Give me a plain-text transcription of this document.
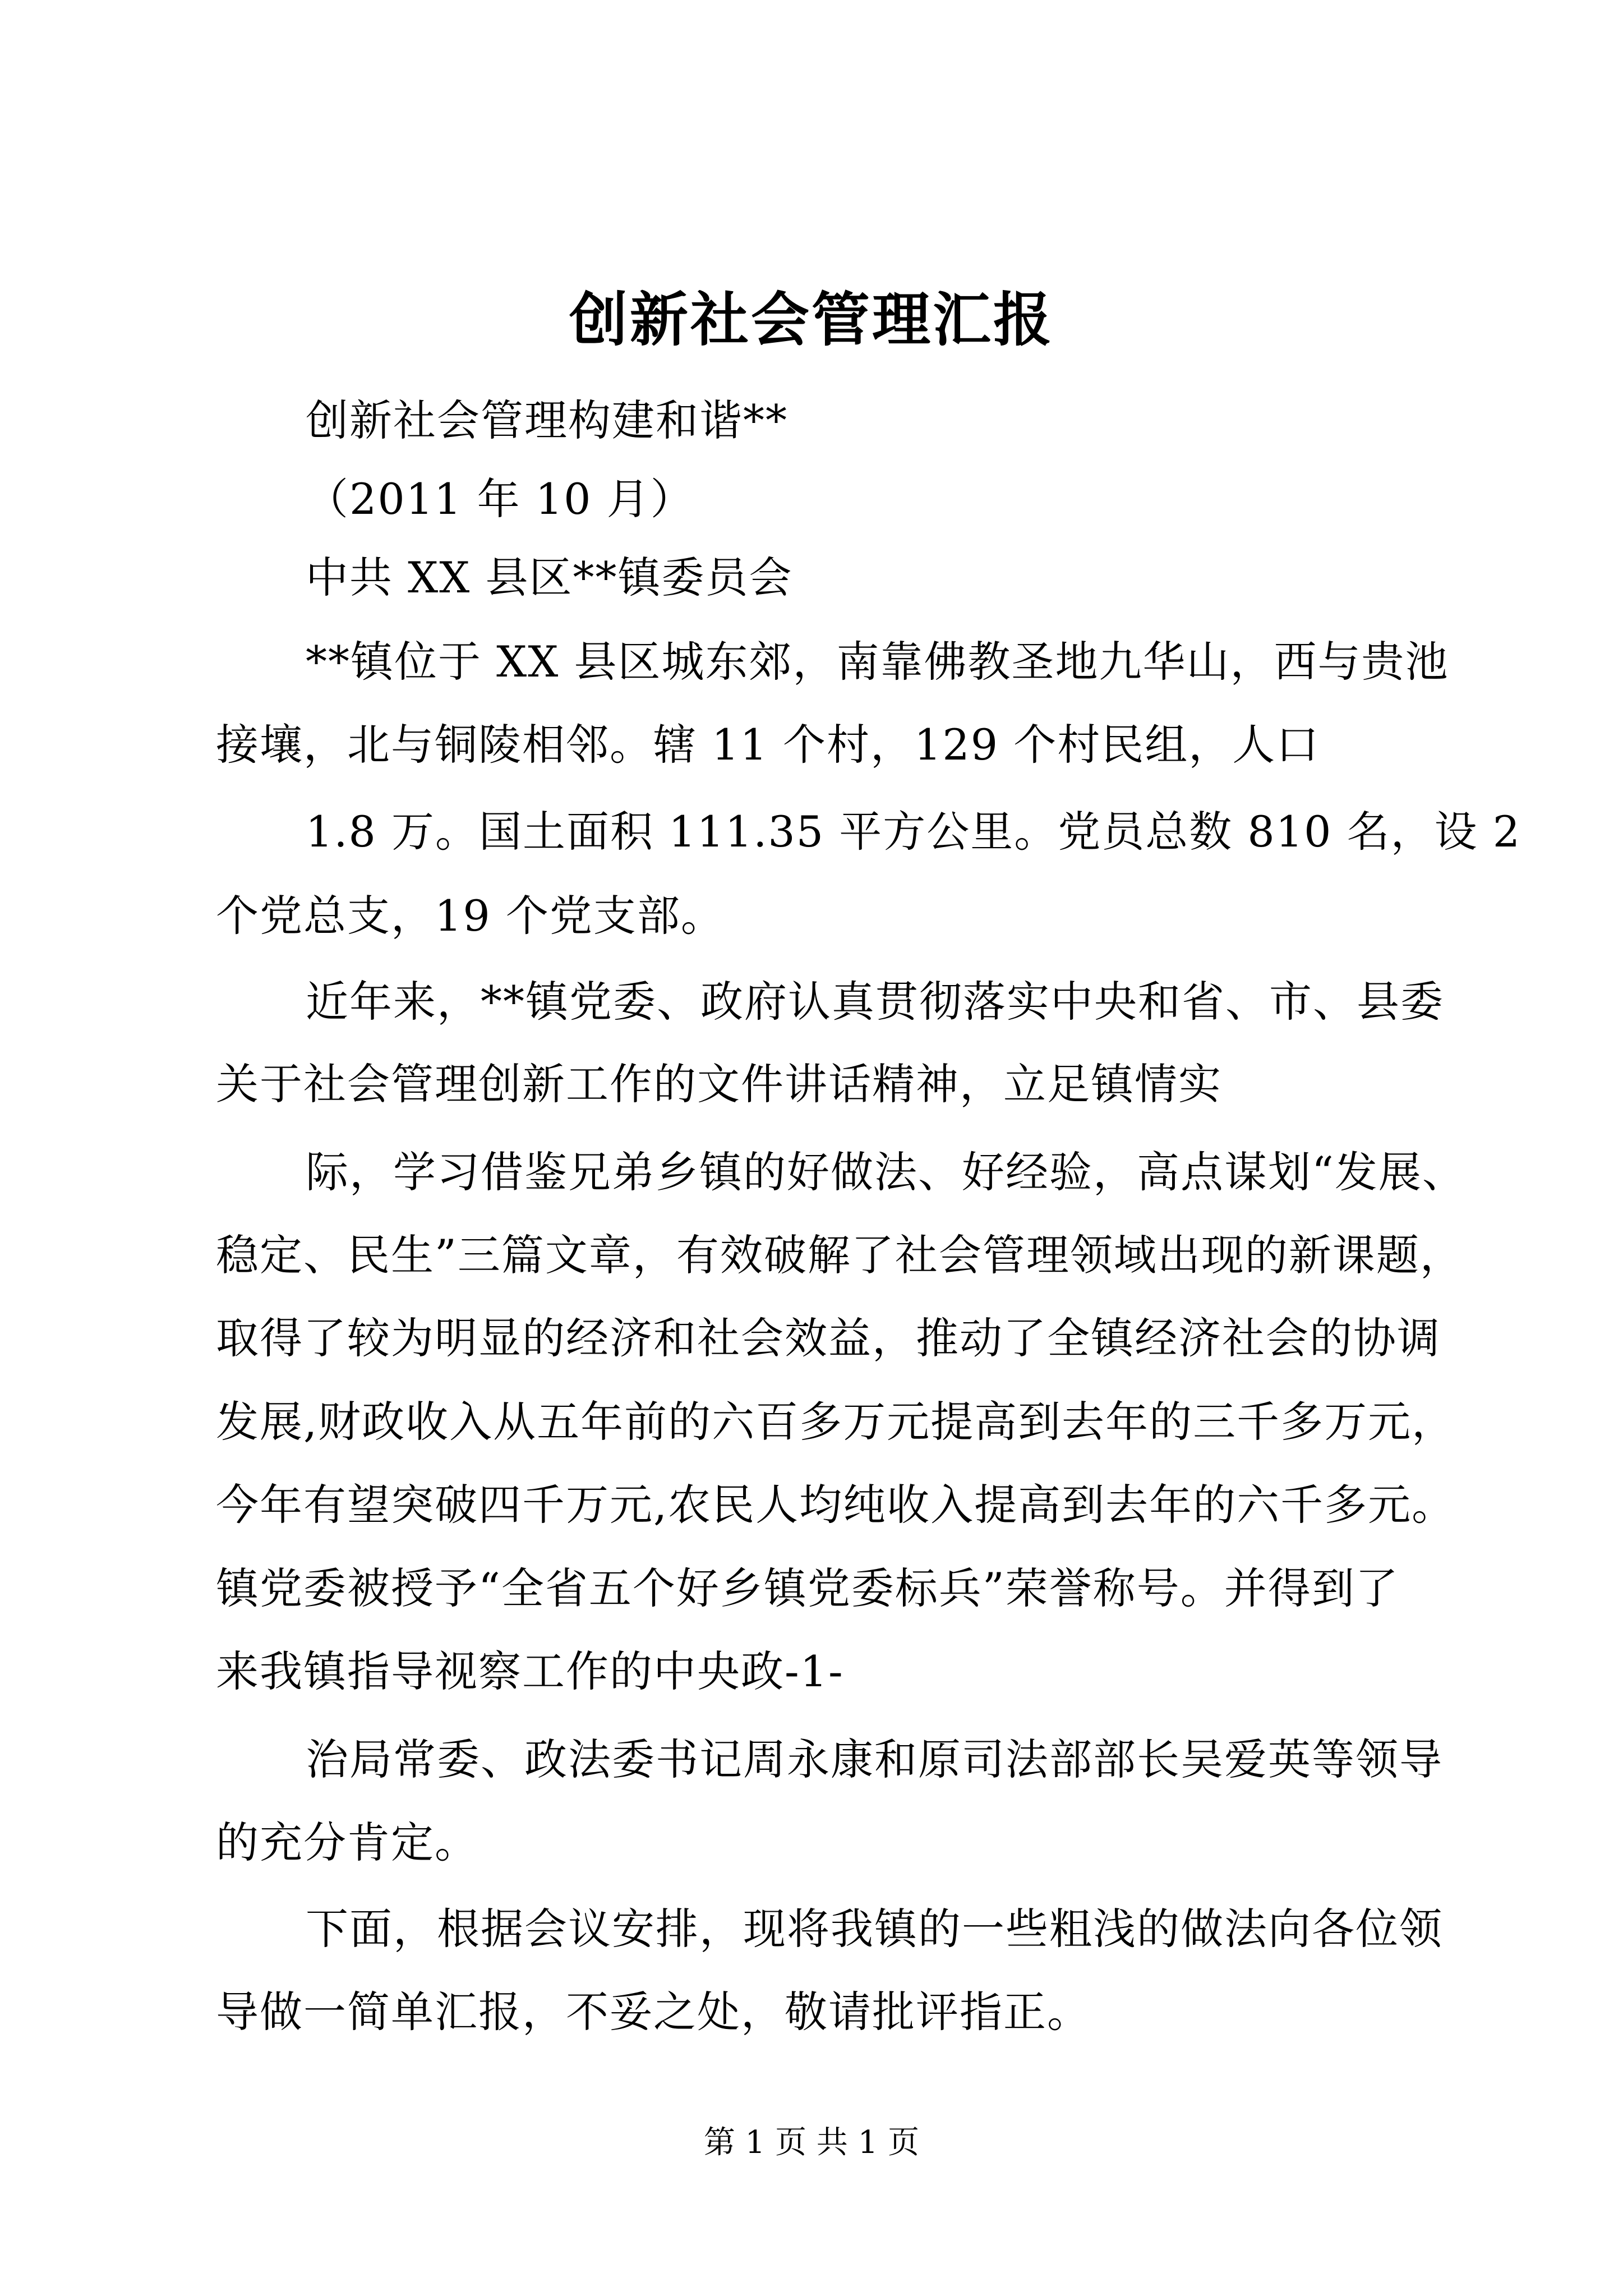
创新社会管理汇报
创新社会管理构建和谐**
（2011 年 10 月）
中共 XX 县区**镇委员会
**镇位于 XX 县区城东郊，南靠佛教圣地九华山，西与贵池
接壤，北与铜陵相邻。辖 11 个村，129 个村民组，人口
1.8 万。国土面积 111.35 平方公里。党员总数 810 名，设 2
个党总支，19 个党支部。
近年来，**镇党委、政府认真贯彻落实中央和省、市、县委
关于社会管理创新工作的文件讲话精神，立足镇情实
际，学习借鉴兄弟乡镇的好做法、好经验，高点谋划“发展、
稳定、民生”三篇文章，有效破解了社会管理领域出现的新课题，
取得了较为明显的经济和社会效益，推动了全镇经济社会的协调
发展,财政收入从五年前的六百多万元提高到去年的三千多万元，
今年有望突破四千万元,农民人均纯收入提高到去年的六千多元。
镇党委被授予“全省五个好乡镇党委标兵”荣誉称号。并得到了
来我镇指导视察工作的中央政-1-
治局常委、政法委书记周永康和原司法部部长吴爱英等领导
的充分肯定。
下面，根据会议安排，现将我镇的一些粗浅的做法向各位领
导做一简单汇报，不妥之处，敬请批评指正。
第 1 页 共 1 页
